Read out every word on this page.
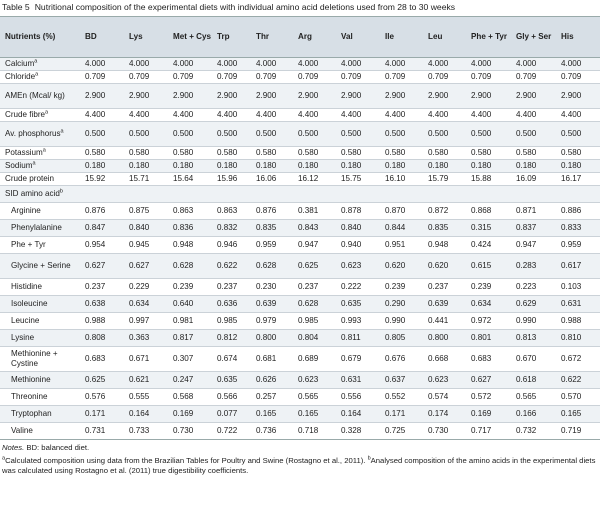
Table 5 Nutritional composition of the experimental diets with individual amino acid deletions used from 28 to 30 weeks
Nutrients (%)	BD	Lys	Met + Cys	Trp	Thr	Arg	Val	Ile	Leu	Phe + Tyr	Gly + Ser	His
Calcium$^a$	4.000	4.000	4.000	4.000	4.000	4.000	4.000	4.000	4.000	4.000	4.000	4.000
Chloride$^a$	0.709	0.709	0.709	0.709	0.709	0.709	0.709	0.709	0.709	0.709	0.709	0.709
AMEn (Mcal/ kg)	2.900	2.900	2.900	2.900	2.900	2.900	2.900	2.900	2.900	2.900	2.900	2.900
Crude fibre$^a$	4.400	4.400	4.400	4.400	4.400	4.400	4.400	4.400	4.400	4.400	4.400	4.400
Av. phosphorus$^a$	0.500	0.500	0.500	0.500	0.500	0.500	0.500	0.500	0.500	0.500	0.500	0.500
Potassium$^a$	0.580	0.580	0.580	0.580	0.580	0.580	0.580	0.580	0.580	0.580	0.580	0.580
Sodium$^a$	0.180	0.180	0.180	0.180	0.180	0.180	0.180	0.180	0.180	0.180	0.180	0.180
Crude protein	15.92	15.71	15.64	15.96	16.06	16.12	15.75	16.10	15.79	15.88	16.09	16.17
SID amino acid$^b$												
Arginine	0.876	0.875	0.863	0.863	0.876	0.381	0.878	0.870	0.872	0.868	0.871	0.886
Phenylalanine	0.847	0.840	0.836	0.832	0.835	0.843	0.840	0.844	0.835	0.315	0.837	0.833
Phe + Tyr	0.954	0.945	0.948	0.946	0.959	0.947	0.940	0.951	0.948	0.424	0.947	0.959
Glycine + Serine	0.627	0.627	0.628	0.622	0.628	0.625	0.623	0.620	0.620	0.615	0.283	0.617
Histidine	0.237	0.229	0.239	0.237	0.230	0.237	0.222	0.239	0.237	0.239	0.223	0.103
Isoleucine	0.638	0.634	0.640	0.636	0.639	0.628	0.635	0.290	0.639	0.634	0.629	0.631
Leucine	0.988	0.997	0.981	0.985	0.979	0.985	0.993	0.990	0.441	0.972	0.990	0.988
Lysine	0.808	0.363	0.817	0.812	0.800	0.804	0.811	0.805	0.800	0.801	0.813	0.810
Methionine + Cystine	0.683	0.671	0.307	0.674	0.681	0.689	0.679	0.676	0.668	0.683	0.670	0.672
Methionine	0.625	0.621	0.247	0.635	0.626	0.623	0.631	0.637	0.623	0.627	0.618	0.622
Threonine	0.576	0.555	0.568	0.566	0.257	0.565	0.556	0.552	0.574	0.572	0.565	0.570
Tryptophan	0.171	0.164	0.169	0.077	0.165	0.165	0.164	0.171	0.174	0.169	0.166	0.165
Valine	0.731	0.733	0.730	0.722	0.736	0.718	0.328	0.725	0.730	0.717	0.732	0.719
Notes. BD: balanced diet.
$^a$Calculated composition using data from the Brazilian Tables for Poultry and Swine (Rostagno et al., 2011). $^b$Analysed composition of the amino acids in the experimental diets was calculated using Rostagno et al. (2011) true digestibility coefficients.
